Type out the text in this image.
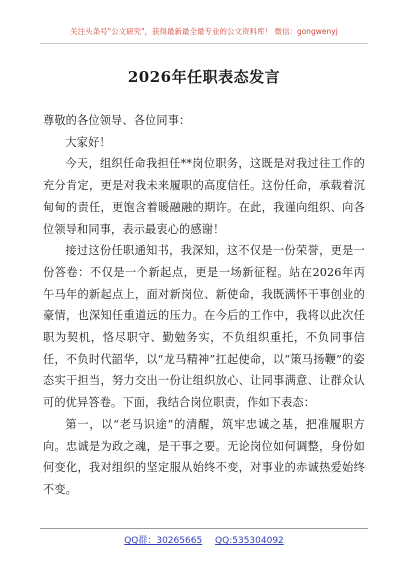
关注头条号"公文研究"，获得最新最全最专业的公文资料库！ 微信：gongwenyj
2026年任职表态发言

尊敬的各位领导、各位同事：

大家好！

今天，组织任命我担任**岗位职务，这既是对我过往工作的充分肯定，更是对我未来履职的高度信任。这份任命，承载着沉甸甸的责任，更饱含着暖融融的期许。在此，我谨向组织、向各位领导和同事，表示最衷心的感谢！

接过这份任职通知书，我深知，这不仅是一份荣誉，更是一份答卷：不仅是一个新起点，更是一场新征程。站在2026年丙午马年的新起点上，面对新岗位、新使命，我既满怀干事创业的豪情，也深知任重道远的压力。在今后的工作中，我将以此次任职为契机，恪尽职守、勤勉务实，不负组织重托，不负同事信任，不负时代韶华，以“龙马精神”扛起使命，以“策马扬鞭”的姿态实干担当，努力交出一份让组织放心、让同事满意、让群众认可的优异答卷。下面，我结合岗位职责，作如下表态：

第一，以“老马识途”的清醒，筑牢忠诚之基，把准履职方向。忠诚是为政之魂，是干事之要。无论岗位如何调整，身份如何变化，我对组织的坚定服从始终不变，对事业的赤诚热爱始终不变。

QQ群：30265665 QQ:535304092
